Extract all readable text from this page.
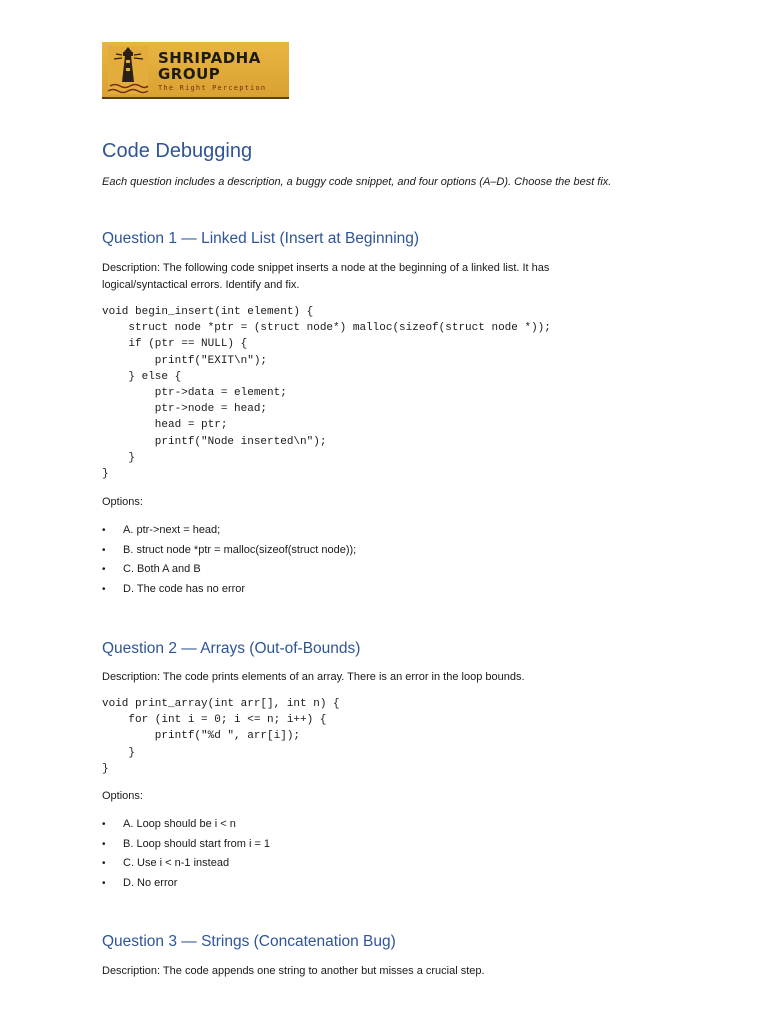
SHRIPADHA
GROUP
The Right Perception
Code Debugging
Each question includes a description, a buggy code snippet, and four options (A–D). Choose the best fix.
Question 1 — Linked List (Insert at Beginning)
Description: The following code snippet inserts a node at the beginning of a linked list. It has logical/syntactical errors. Identify and fix.
void begin_insert(int element) {
struct node *ptr = (struct node*) malloc(sizeof(struct node *));
if (ptr == NULL) {
printf("EXIT\n");
} else {
ptr->data = element;
ptr->node = head;
head = ptr;
printf("Node inserted\n");
}
}
Options:
• A. ptr->next = head;
• B. struct node *ptr = malloc(sizeof(struct node));
• C. Both A and B
• D. The code has no error
Question 2 — Arrays (Out-of-Bounds)
Description: The code prints elements of an array. There is an error in the loop bounds.
void print_array(int arr[], int n) {
for (int i = 0; i <= n; i++) {
printf("%d ", arr[i]);
}
}
Options:
• A. Loop should be i < n
• B. Loop should start from i = 1
• C. Use i < n-1 instead
• D. No error
Question 3 — Strings (Concatenation Bug)
Description: The code appends one string to another but misses a crucial step.
